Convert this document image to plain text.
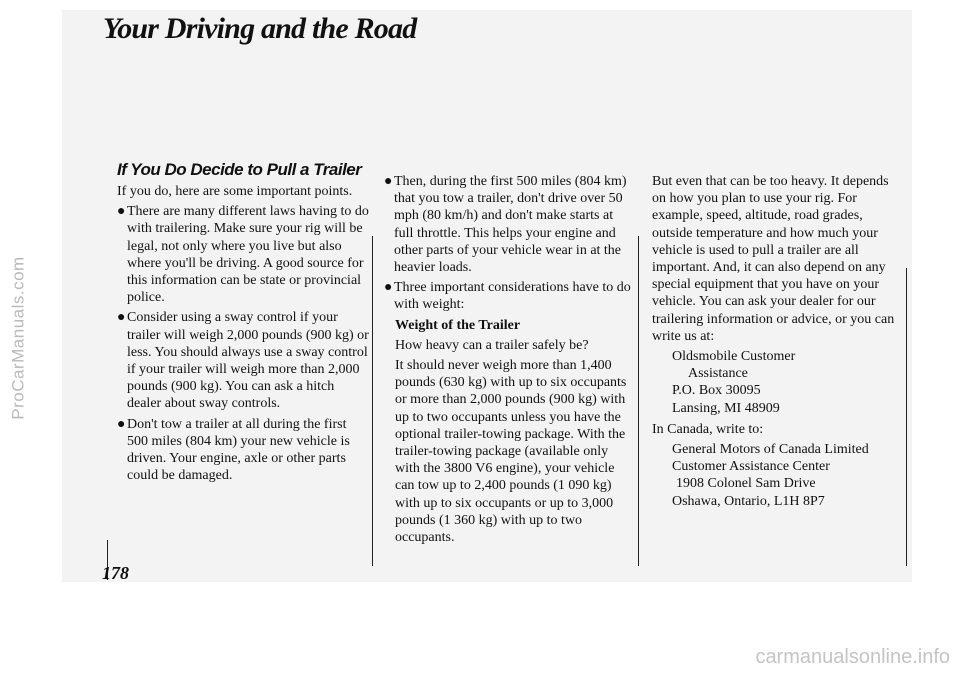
ProCarManuals.com
Your Driving and the Road
If You Do Decide to Pull a Trailer

If you do, here are some important points.

● There are many different laws having to do with trailering. Make sure your rig will be legal, not only where you live but also where you'll be driving. A good source for this information can be state or provincial police.
● Consider using a sway control if your trailer will weigh 2,000 pounds (900 kg) or less. You should always use a sway control if your trailer will weigh more than 2,000 pounds (900 kg). You can ask a hitch dealer about sway controls.
● Don't tow a trailer at all during the first 500 miles (804 km) your new vehicle is driven. Your engine, axle or other parts could be damaged.
● Then, during the first 500 miles (804 km) that you tow a trailer, don't drive over 50 mph (80 km/h) and don't make starts at full throttle. This helps your engine and other parts of your vehicle wear in at the heavier loads.
● Three important considerations have to do with weight:
Weight of the Trailer

How heavy can a trailer safely be?

It should never weigh more than 1,400 pounds (630 kg) with up to six occupants or more than 2,000 pounds (900 kg) with up to two occupants unless you have the optional trailer-towing package. With the trailer-towing package (available only with the 3800 V6 engine), your vehicle can tow up to 2,400 pounds (1 090 kg) with up to six occupants or up to 3,000 pounds (1 360 kg) with up to two occupants.

But even that can be too heavy. It depends on how you plan to use your rig. For example, speed, altitude, road grades, outside temperature and how much your vehicle is used to pull a trailer are all important. And, it can also depend on any special equipment that you have on your vehicle. You can ask your dealer for our trailering information or advice, or you can write us at:

Oldsmobile Customer
Assistance
P.O. Box 30095
Lansing, MI 48909

In Canada, write to:

General Motors of Canada Limited
Customer Assistance Center
1908 Colonel Sam Drive
Oshawa, Ontario, L1H 8P7
178
carmanualsonline.info
